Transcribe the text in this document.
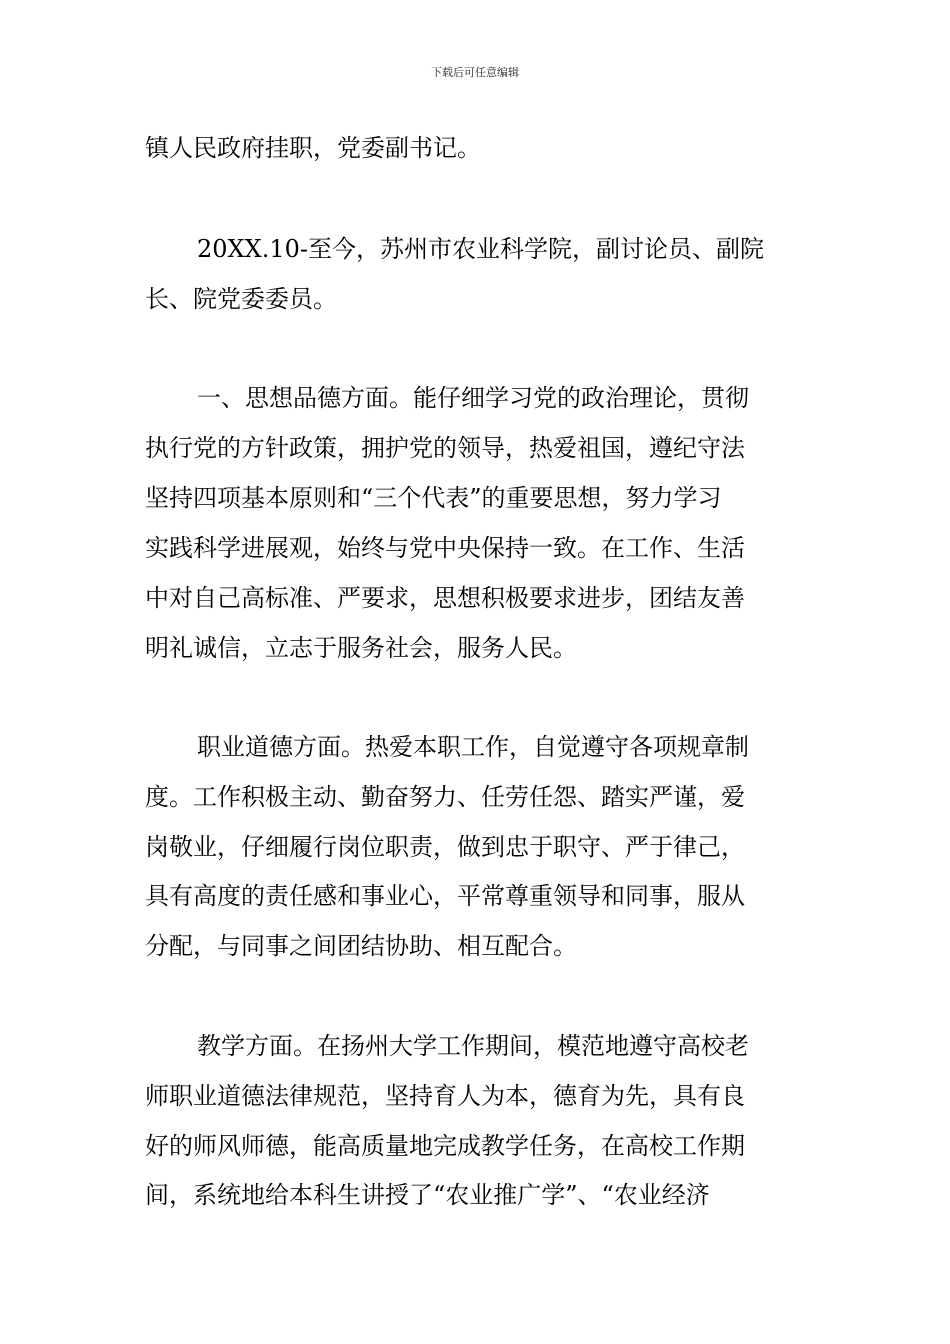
下载后可任意编辑
镇人民政府挂职，党委副书记。
20XX.10-至今，苏州市农业科学院，副讨论员、副院
长、院党委委员。
一、思想品德方面。能仔细学习党的政治理论，贯彻
执行党的方针政策，拥护党的领导，热爱祖国，遵纪守法
坚持四项基本原则和“三个代表”的重要思想，努力学习
实践科学进展观，始终与党中央保持一致。在工作、生活
中对自己高标准、严要求，思想积极要求进步，团结友善
明礼诚信，立志于服务社会，服务人民。
职业道德方面。热爱本职工作，自觉遵守各项规章制
度。工作积极主动、勤奋努力、任劳任怨、踏实严谨，爱
岗敬业，仔细履行岗位职责，做到忠于职守、严于律己，
具有高度的责任感和事业心，平常尊重领导和同事，服从
分配，与同事之间团结协助、相互配合。
教学方面。在扬州大学工作期间，模范地遵守高校老
师职业道德法律规范，坚持育人为本，德育为先，具有良
好的师风师德，能高质量地完成教学任务，在高校工作期
间，系统地给本科生讲授了“农业推广学”、“农业经济
